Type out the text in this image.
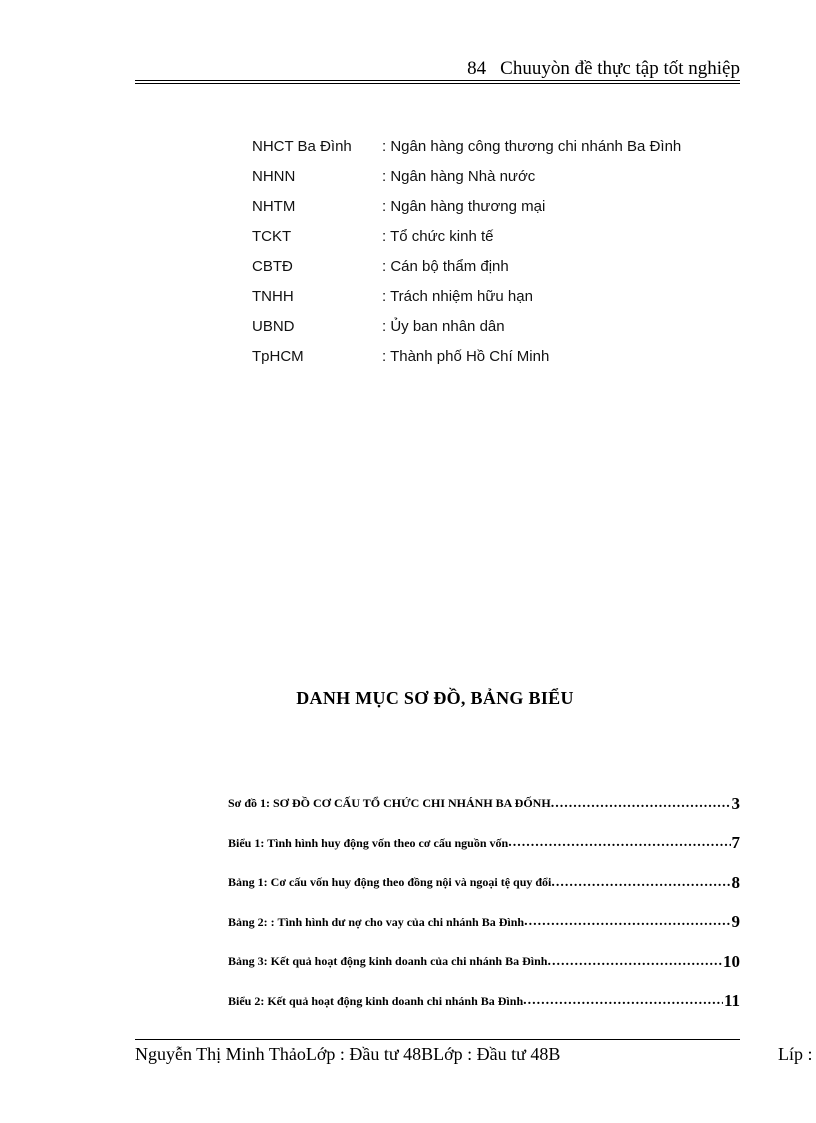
84 Chuuyòn đề thực tập tốt nghiệp
NHCT Ba Đình	: Ngân hàng công thương chi nhánh Ba Đình
NHNN	: Ngân hàng Nhà nước
NHTM	: Ngân hàng thương mại
TCKT	: Tổ chức kinh tế
CBTĐ	: Cán bộ thẩm định
TNHH	: Trách nhiệm hữu hạn
UBND	: Ủy ban nhân dân
TpHCM	: Thành phố Hồ Chí Minh
DANH MỤC SƠ ĐỒ, BẢNG BIỂU
Sơ đồ 1: SƠ ĐỒ CƠ CẤU TỔ CHỨC CHI NHÁNH BA ĐỐNH .....	3
Biểu 1: Tình hình huy động vốn theo cơ cấu nguồn vốn .....	7
Bảng 1: Cơ cấu vốn huy động theo đồng nội và ngoại tệ quy đổi .....	8
Bảng 2: : Tình hình dư nợ cho vay của chi nhánh Ba Đình .....	9
Bảng 3: Kết quả hoạt động kinh doanh của chi nhánh Ba Đình .....	10
Biểu 2: Kết quả hoạt động kinh doanh chi nhánh Ba Đình .....	11
Nguyễn Thị Minh ThảoLớp : Đầu tư 48BLớp : Đầu tư 48B	Líp :
